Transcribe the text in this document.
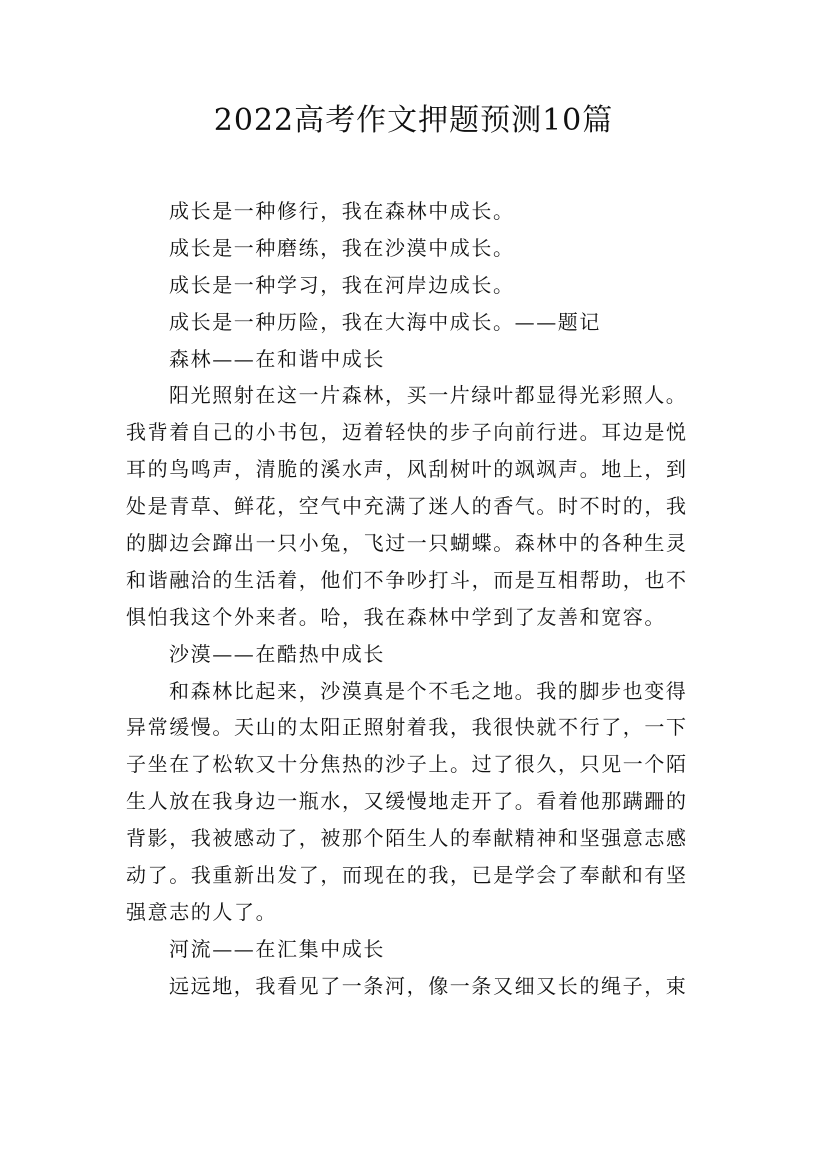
2022高考作文押题预测10篇
成长是一种修行，我在森林中成长。
成长是一种磨练，我在沙漠中成长。
成长是一种学习，我在河岸边成长。
成长是一种历险，我在大海中成长。——题记
森林——在和谐中成长
阳光照射在这一片森林，买一片绿叶都显得光彩照人。
我背着自己的小书包，迈着轻快的步子向前行进。耳边是悦
耳的鸟鸣声，清脆的溪水声，风刮树叶的飒飒声。地上，到
处是青草、鲜花，空气中充满了迷人的香气。时不时的，我
的脚边会蹿出一只小兔，飞过一只蝴蝶。森林中的各种生灵
和谐融洽的生活着，他们不争吵打斗，而是互相帮助，也不
惧怕我这个外来者。哈，我在森林中学到了友善和宽容。
沙漠——在酷热中成长
和森林比起来，沙漠真是个不毛之地。我的脚步也变得
异常缓慢。天山的太阳正照射着我，我很快就不行了，一下
子坐在了松软又十分焦热的沙子上。过了很久，只见一个陌
生人放在我身边一瓶水，又缓慢地走开了。看着他那蹒跚的
背影，我被感动了，被那个陌生人的奉献精神和坚强意志感
动了。我重新出发了，而现在的我，已是学会了奉献和有坚
强意志的人了。
河流——在汇集中成长
远远地，我看见了一条河，像一条又细又长的绳子，束
